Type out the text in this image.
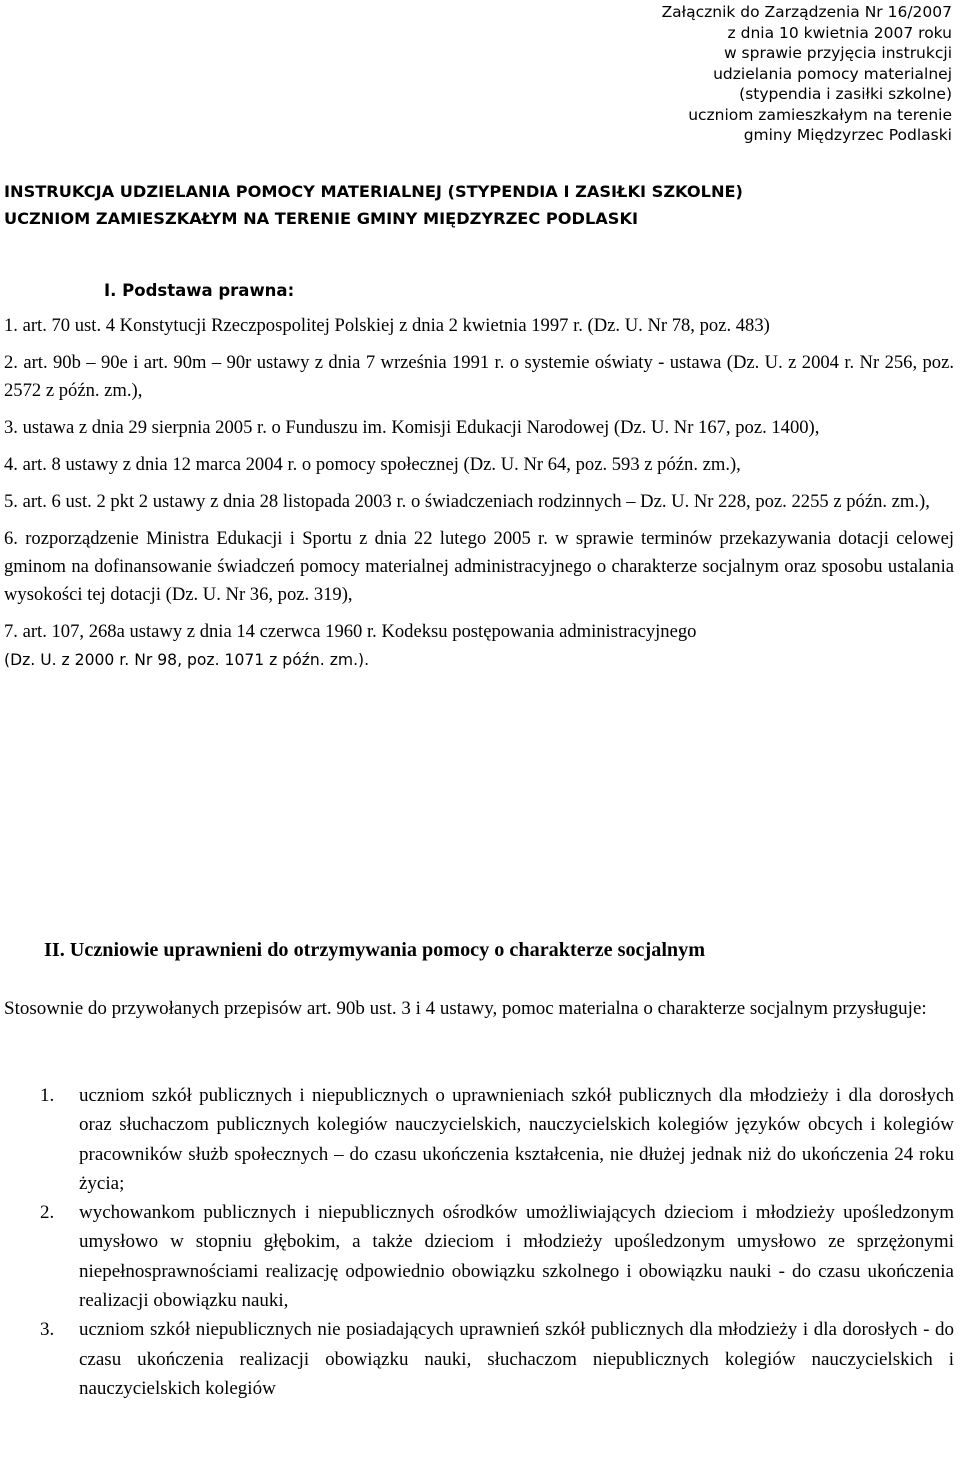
Załącznik do Zarządzenia Nr 16/2007
z dnia 10 kwietnia 2007 roku
w sprawie przyjęcia instrukcji
udzielania pomocy materialnej
(stypendia i zasiłki szkolne)
uczniom zamieszkałym na terenie
gminy Międzyrzec Podlaski
INSTRUKCJA UDZIELANIA POMOCY MATERIALNEJ (STYPENDIA I ZASIŁKI SZKOLNE)
UCZNIOM ZAMIESZKAŁYM NA TERENIE GMINY MIĘDZYRZEC PODLASKI
I. Podstawa prawna:

1. art. 70 ust. 4 Konstytucji Rzeczpospolitej Polskiej z dnia 2 kwietnia 1997 r. (Dz. U. Nr 78, poz. 483)

2. art. 90b – 90e i art. 90m – 90r ustawy z dnia 7 września 1991 r. o systemie oświaty - ustawa (Dz. U. z 2004 r. Nr 256, poz. 2572 z późn. zm.),

3. ustawa z dnia 29 sierpnia 2005 r. o Funduszu im. Komisji Edukacji Narodowej (Dz. U. Nr 167, poz. 1400),

4. art. 8 ustawy z dnia 12 marca 2004 r. o pomocy społecznej (Dz. U. Nr 64, poz. 593 z późn. zm.),

5. art. 6 ust. 2 pkt 2 ustawy z dnia 28 listopada 2003 r. o świadczeniach rodzinnych – Dz. U. Nr 228, poz. 2255 z późn. zm.),

6. rozporządzenie Ministra Edukacji i Sportu z dnia 22 lutego 2005 r. w sprawie terminów przekazywania dotacji celowej gminom na dofinansowanie świadczeń pomocy materialnej administracyjnego o charakterze socjalnym oraz sposobu ustalania wysokości tej dotacji (Dz. U. Nr 36, poz. 319),

7. art. 107, 268a ustawy z dnia 14 czerwca 1960 r. Kodeksu postępowania administracyjnego
(Dz. U. z 2000 r. Nr 98, poz. 1071 z późn. zm.).

II. Uczniowie uprawnieni do otrzymywania pomocy o charakterze socjalnym

Stosownie do przywołanych przepisów art. 90b ust. 3 i 4 ustawy, pomoc materialna o charakterze socjalnym przysługuje:

1. uczniom szkół publicznych i niepublicznych o uprawnieniach szkół publicznych dla młodzieży i dla dorosłych oraz słuchaczom publicznych kolegiów nauczycielskich, nauczycielskich kolegiów języków obcych i kolegiów pracowników służb społecznych – do czasu ukończenia kształcenia, nie dłużej jednak niż do ukończenia 24 roku życia;
2. wychowankom publicznych i niepublicznych ośrodków umożliwiających dzieciom i młodzieży upośledzonym umysłowo w stopniu głębokim, a także dzieciom i młodzieży upośledzonym umysłowo ze sprzężonymi niepełnosprawnościami realizację odpowiednio obowiązku szkolnego i obowiązku nauki - do czasu ukończenia realizacji obowiązku nauki,
3. uczniom szkół niepublicznych nie posiadających uprawnień szkół publicznych dla młodzieży i dla dorosłych - do czasu ukończenia realizacji obowiązku nauki, słuchaczom niepublicznych kolegiów nauczycielskich i nauczycielskich kolegiów
